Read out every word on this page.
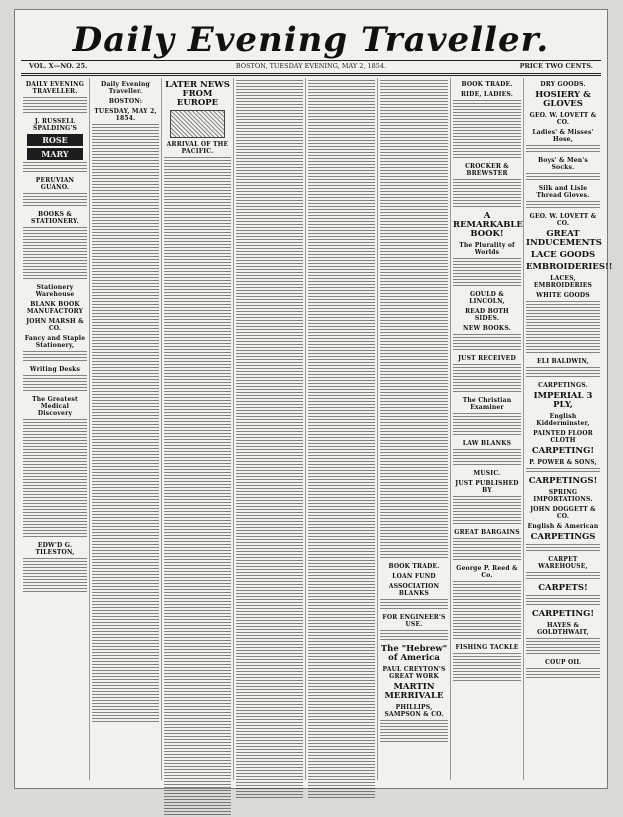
Daily Evening Traveller.
VOL. X—NO. 25.	BOSTON, TUESDAY EVENING, MAY 2, 1854.	PRICE TWO CENTS.
DAILY EVENING TRAVELLER.
J. RUSSELL SPALDING'S
ROSE
MARY
PERUVIAN GUANO.
BOOKS & STATIONERY.
Stationery Warehouse
BLANK BOOK MANUFACTORY
JOHN MARSH & CO.
Fancy and Staple Stationery,
Writing Desks
The Greatest Medical Discovery
EDW'D G. TILESTON,
Daily Evening Traveller.
BOSTON:
TUESDAY, MAY 2, 1854.
LATER NEWS FROM EUROPE
ARRIVAL OF THE PACIFIC.
BOOK TRADE.
LOAN FUND
ASSOCIATION BLANKS
FOR ENGINEER'S USE.
The "Hebrew" of America
PAUL CREYTON'S GREAT WORK
MARTIN MERRIVALE
PHILLIPS, SAMPSON & CO.
BOOK TRADE.
RIDE, LADIES.
CROCKER & BREWSTER
A REMARKABLE BOOK!
The Plurality of Worlds
GOULD & LINCOLN,
READ BOTH SIDES.
NEW BOOKS.
JUST RECEIVED
The Christian Examiner
LAW BLANKS
MUSIC.
JUST PUBLISHED BY
GREAT BARGAINS
George P. Reed & Co.
FISHING TACKLE
DRY GOODS.
HOSIERY & GLOVES
GEO. W. LOVETT & CO.
Ladies' & Misses' Hose,
Boys' & Men's Socks.
Silk and Lisle Thread Gloves.
GEO. W. LOVETT & CO.
GREAT INDUCEMENTS
LACE GOODS
EMBROIDERIES!!
LACES, EMBROIDERIES
WHITE GOODS
ELI BALDWIN,
CARPETINGS.
IMPERIAL 3 PLY,
English Kidderminster,
PAINTED FLOOR CLOTH
CARPETING!
P. POWER & SONS,
CARPETINGS!
SPRING IMPORTATIONS.
JOHN DOGGETT & CO.
English & American
CARPETINGS
CARPET WAREHOUSE,
CARPETS!
CARPETING!
HAYES & GOLDTHWAIT,
COUP OIL
